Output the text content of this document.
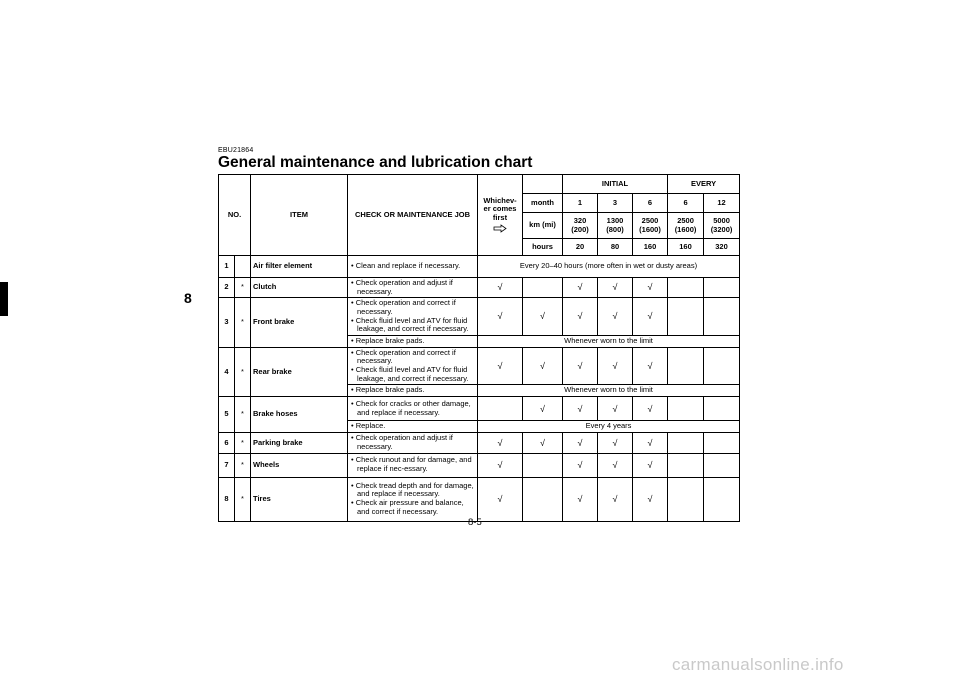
EBU21864
General maintenance and lubrication chart
8
NO.		ITEM	CHECK OR MAINTENANCE JOB	Whichev-er comes first		INITIAL			EVERY	
					month	1	3	6	6	12
					km (mi)	320 (200)	1300 (800)	2500 (1600)	2500 (1600)	5000 (3200)
					hours	20	80	160	160	320
1		Air filter element	• Clean and replace if necessary.	Every 20–40 hours (more often in wet or dusty areas)						
2	*	Clutch	• Check operation and adjust if necessary.	√		√	√	√		
3	*	Front brake	• Check operation and correct if necessary.
• Check fluid level and ATV for fluid leakage, and correct if necessary.	√	√	√	√	√		

			• Replace brake pads.	Whenever worn to the limit						
4	*	Rear brake	• Check operation and correct if necessary.
• Check fluid level and ATV for fluid leakage, and correct if necessary.	√	√	√	√	√		

			• Replace brake pads.	Whenever worn to the limit						
5	*	Brake hoses	• Check for cracks or other damage, and replace if necessary.		√	√	√	√		

			• Replace.	Every 4 years						
6	*	Parking brake	• Check operation and adjust if necessary.	√	√	√	√	√		
7	*	Wheels	• Check runout and for damage, and replace if nec-essary.	√		√	√	√		
8	*	Tires	• Check tread depth and for damage, and replace if necessary.
• Check air pressure and balance, and correct if necessary.	√		√	√	√		
8-5
carmanualsonline.info
